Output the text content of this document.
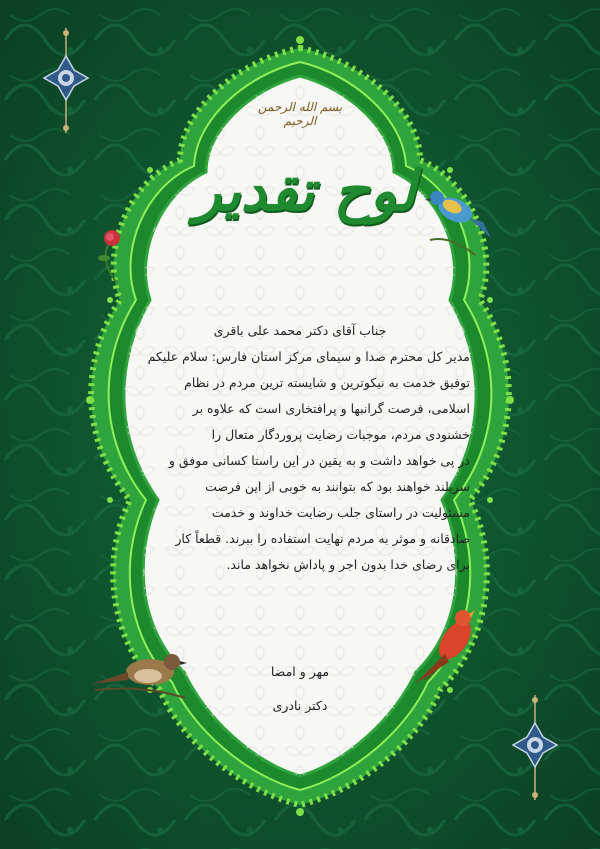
بسم الله الرحمن الرحیم
لوح تقدیر
جناب آقای دکتر محمد علی باقری
مدیر کل محترم صدا و سیمای مرکز استان فارس: سلام علیکم
توفیق خدمت به نیکوترین و شایسته ترین مردم در نظام
اسلامی، فرصت گرانبها و پرافتخاری است که علاوه بر
خشنودی مردم، موجبات رضایت پروردگار متعال را
در پی خواهد داشت و به یقین در این راستا کسانی موفق و
سربلند خواهند بود که بتوانند به خوبی از این فرصت
مسئولیت در راستای جلب رضایت خداوند و خدمت
صادقانه و موثر به مردم نهایت استفاده را ببرند. قطعاً کار
برای رضای خدا بدون اجر و پاداش نخواهد ماند.
مهر و امضا
دکتر نادری
